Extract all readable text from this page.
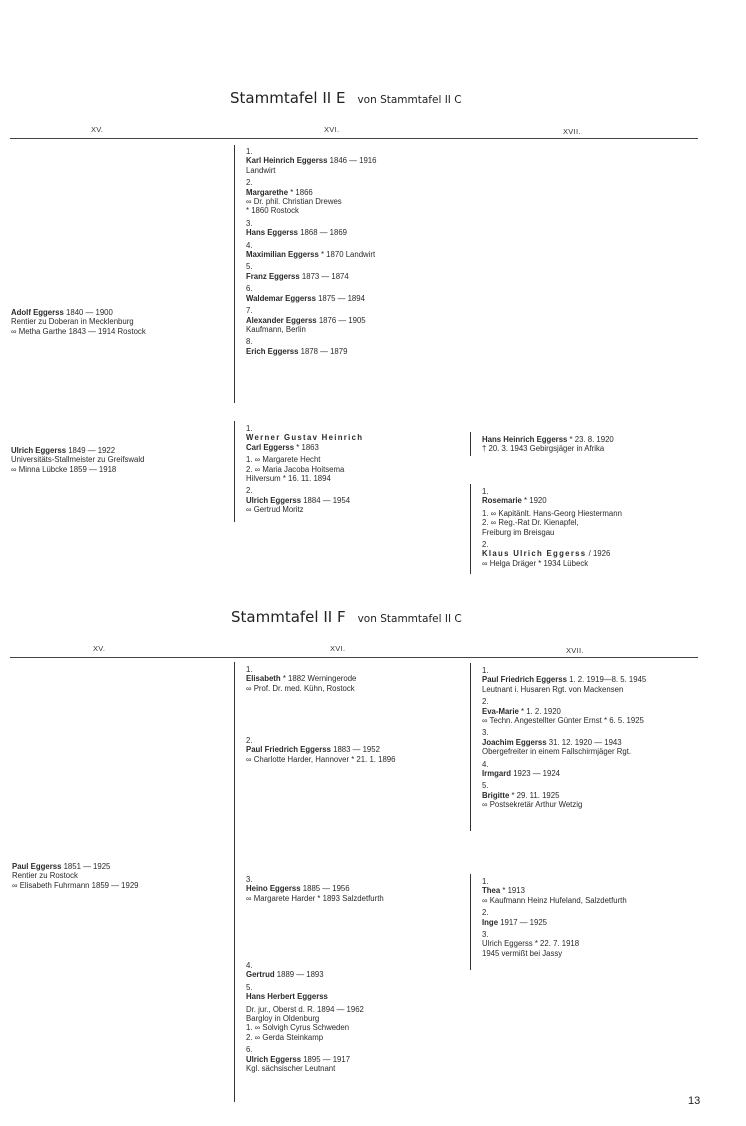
Stammtafel II E von Stammtafel II C
XV.	XVI.	XVII.
Adolf Eggerss 1840 — 1900
Rentier zu Doberan in Mecklenburg
∞ Metha Garthe 1843 — 1914 Rostock
1.
Karl Heinrich Eggerss 1846 — 1916
Landwirt
2.
Margarethe * 1866
∞ Dr. phil. Christian Drewes
* 1860 Rostock
3.
Hans Eggerss 1868 — 1869
4.
Maximilian Eggerss * 1870 Landwirt
5.
Franz Eggerss 1873 — 1874
6.
Waldemar Eggerss 1875 — 1894
7.
Alexander Eggerss 1876 — 1905
Kaufmann, Berlin
8.
Erich Eggerss 1878 — 1879
Ulrich Eggerss 1849 — 1922
Universitäts-Stallmeister zu Greifswald
∞ Minna Lübcke 1859 — 1918
1.
Werner Gustav Heinrich
Carl Eggerss * 1863
1. ∞ Margarete Hecht
2. ∞ Maria Jacoba Hoitsema
Hilversum * 16. 11. 1894
2.
Ulrich Eggerss 1884 — 1954
∞ Gertrud Moritz
Hans Heinrich Eggerss * 23. 8. 1920
† 20. 3. 1943 Gebirgsjäger in Afrika
1.
Rosemarie * 1920
1. ∞ Kapitänlt. Hans-Georg Hiestermann
2. ∞ Reg.-Rat Dr. Kienapfel,
Freiburg im Breisgau
2.
Klaus Ulrich Eggerss / 1926
∞ Helga Dräger * 1934 Lübeck
Stammtafel II F von Stammtafel II C
XV.	XVI.	XVII.
Paul Eggerss 1851 — 1925
Rentier zu Rostock
∞ Elisabeth Fuhrmann 1859 — 1929
1.
Elisabeth * 1882 Werningerode
∞ Prof. Dr. med. Kühn, Rostock
2.
Paul Friedrich Eggerss 1883 — 1952
∞ Charlotte Harder, Hannover * 21. 1. 1896
3.
Heino Eggerss 1885 — 1956
∞ Margarete Harder * 1893 Salzdetfurth
4.
Gertrud 1889 — 1893
5.
Hans Herbert Eggerss
Dr. jur., Oberst d. R. 1894 — 1962
Bargloy in Oldenburg
1. ∞ Solvigh Cyrus Schweden
2. ∞ Gerda Steinkamp
6.
Ulrich Eggerss 1895 — 1917
Kgl. sächsischer Leutnant
1.
Paul Friedrich Eggerss 1. 2. 1919—8. 5. 1945
Leutnant i. Husaren Rgt. von Mackensen
2.
Eva-Marie * 1. 2. 1920
∞ Techn. Angestellter Günter Ernst * 6. 5. 1925
3.
Joachim Eggerss 31. 12. 1920 — 1943
Obergefreiter in einem Fallschirmjäger Rgt.
4.
Irmgard 1923 — 1924
5.
Brigitte * 29. 11. 1925
∞ Postsekretär Arthur Wetzig
1.
Thea * 1913
∞ Kaufmann Heinz Hufeland, Salzdetfurth
2.
Inge 1917 — 1925
3.
Ulrich Eggerss * 22. 7. 1918
1945 vermißt bei Jassy
13
